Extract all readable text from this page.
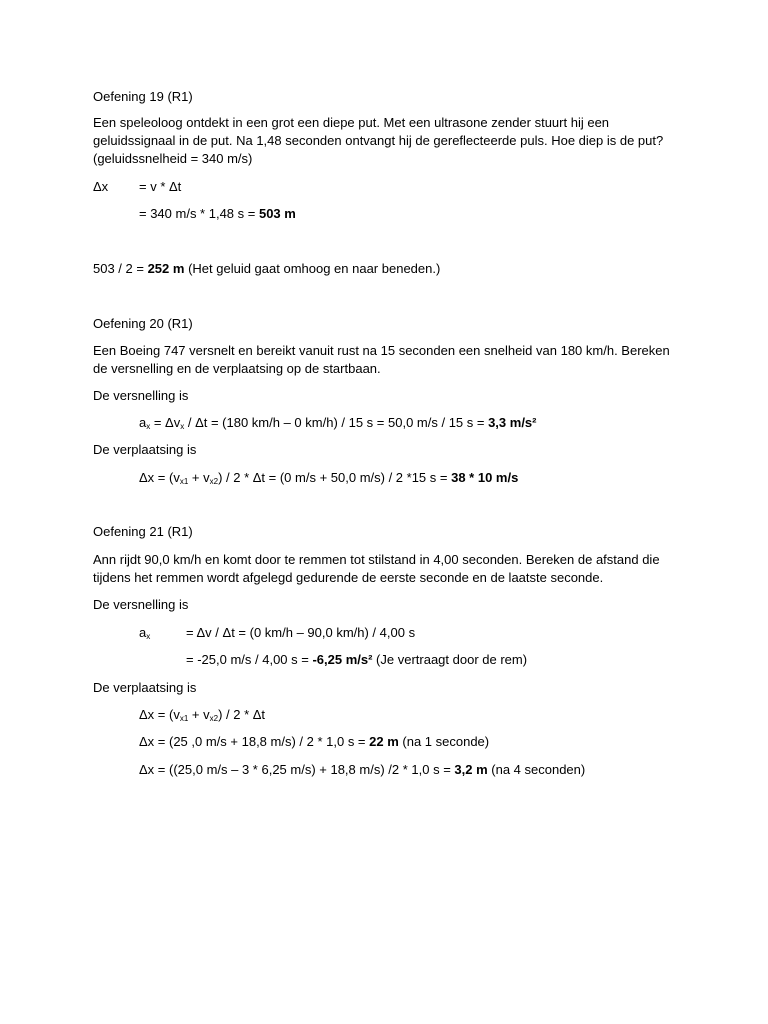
Oefening 19 (R1)
Een speleoloog ontdekt in een grot een diepe put. Met een ultrasone zender stuurt hij een
geluidssignaal in de put. Na 1,48 seconden ontvangt hij de gereflecteerde puls. Hoe diep is de put?
(geluidssnelheid = 340 m/s)
Δx = v * Δt
= 340 m/s * 1,48 s = 503 m
503 / 2 = 252 m (Het geluid gaat omhoog en naar beneden.)
Oefening 20 (R1)
Een Boeing 747 versnelt en bereikt vanuit rust na 15 seconden een snelheid van 180 km/h. Bereken
de versnelling en de verplaatsing op de startbaan.
De versnelling is
$a_x = \Delta v_x / \Delta t = (180$ km/h – 0 km/h) / 15 s = 50,0 m/s / 15 s = 3,3 m/s²
De verplaatsing is
$\Delta x = (v_{x1} + v_{x2}) / 2 * \Delta t = (0$ m/s + 50,0 m/s) / 2 *15 s = 38 * 10 m/s
Oefening 21 (R1)
Ann rijdt 90,0 km/h en komt door te remmen tot stilstand in 4,00 seconden. Bereken de afstand die
tijdens het remmen wordt afgelegd gedurende de eerste seconde en de laatste seconde.
De versnelling is
$a_x$	= Δv / Δt = (0 km/h – 90,0 km/h) / 4,00 s
= -25,0 m/s / 4,00 s = -6,25 m/s² (Je vertraagt door de rem)
De verplaatsing is
$\Delta x = (v_{x1} + v_{x2}) / 2 * \Delta t$
Δx = (25 ,0 m/s + 18,8 m/s) / 2 * 1,0 s = 22 m (na 1 seconde)
Δx = ((25,0 m/s – 3 * 6,25 m/s) + 18,8 m/s) /2 * 1,0 s = 3,2 m (na 4 seconden)
